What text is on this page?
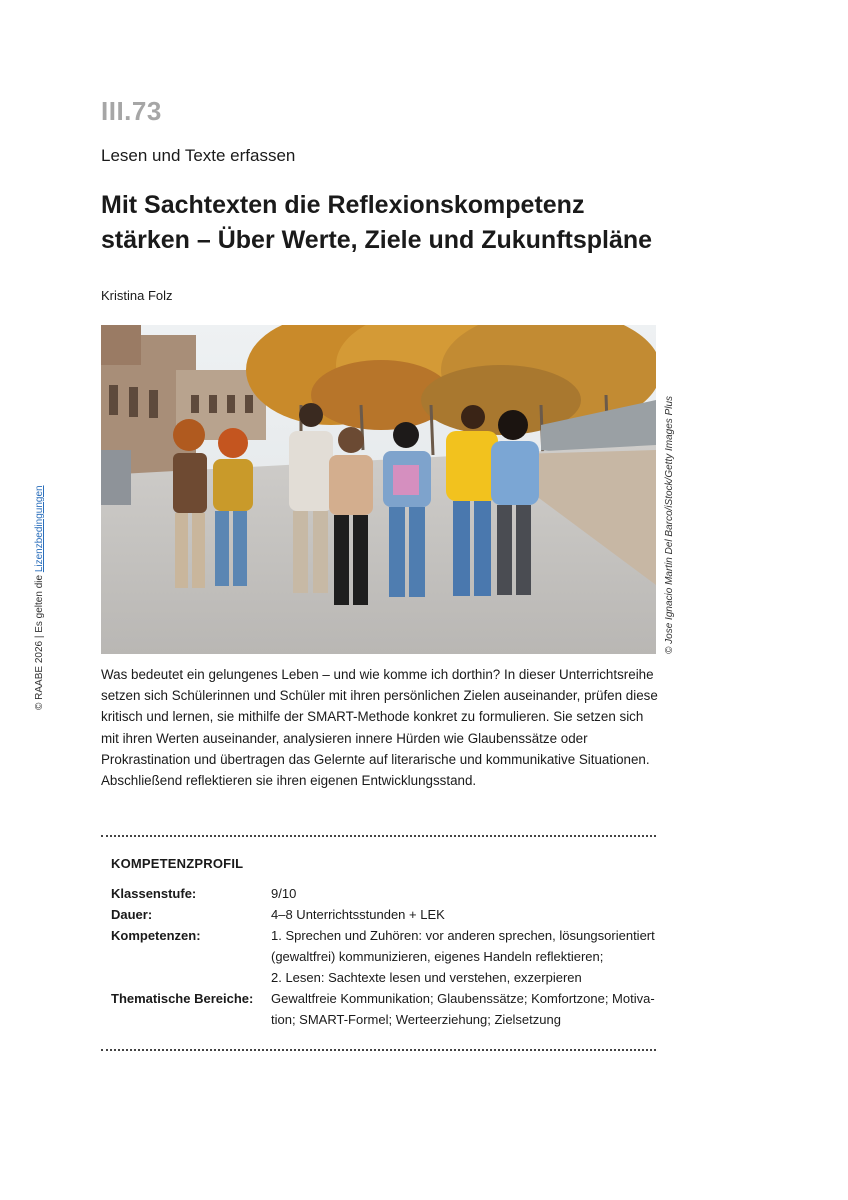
III.73
Lesen und Texte erfassen
Mit Sachtexten die Reflexionskompetenz
stärken – Über Werte, Ziele und Zukunftspläne
Kristina Folz
© Jose Ignacio Martin Del Barco/iStock/Getty Images Plus
© RAABE 2026 | Es gelten die Lizenzbedingungen
Was bedeutet ein gelungenes Leben – und wie komme ich dorthin? In dieser Unterrichtsreihe setzen sich Schülerinnen und Schüler mit ihren persönlichen Zielen auseinander, prüfen diese kritisch und lernen, sie mithilfe der SMART-Methode konkret zu formulieren. Sie setzen sich mit ihren Werten auseinander, analysieren innere Hürden wie Glaubenssätze oder Prokrastination und übertragen das Gelernte auf literarische und kommunikative Situationen. Abschließend reflektieren sie ihren eigenen Entwicklungsstand.
KOMPETENZPROFIL
Klassenstufe:	9/10
Dauer:	4–8 Unterrichtsstunden + LEK
Kompetenzen:	1. Sprechen und Zuhören: vor anderen sprechen, lösungsorientiert (gewaltfrei) kommunizieren, eigenes Handeln reflektieren;
2. Lesen: Sachtexte lesen und verstehen, exzerpieren
Thematische Bereiche:	Gewaltfreie Kommunikation; Glaubenssätze; Komfortzone; Motivation; SMART-Formel; Werteerziehung; Zielsetzung
